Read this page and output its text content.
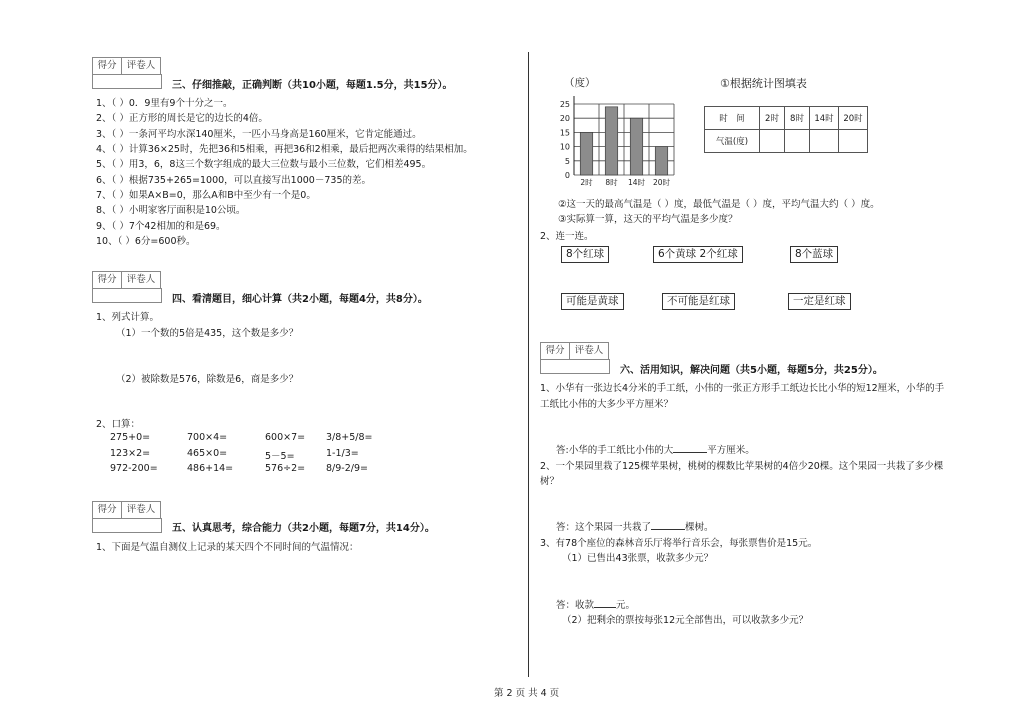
得分	评卷人
三、仔细推敲，正确判断（共10小题，每题1.5分，共15分）。
1、（ ）0．9里有9个十分之一。
2、（ ）正方形的周长是它的边长的4倍。
3、（ ）一条河平均水深140厘米，一匹小马身高是160厘米，它肯定能通过。
4、（ ）计算36×25时，先把36和5相乘，再把36和2相乘，最后把两次乘得的结果相加。
5、（ ）用3，6，8这三个数字组成的最大三位数与最小三位数，它们相差495。
6、（ ）根据735+265=1000，可以直接写出1000－735的差。
7、（ ）如果A×B=0，那么A和B中至少有一个是0。
8、（ ）小明家客厅面积是10公顷。
9、（ ）7个42相加的和是69。
10、（ ）6分=600秒。
得分	评卷人
四、看清题目，细心计算（共2小题，每题4分，共8分）。
1、列式计算。
（1）一个数的5倍是435，这个数是多少？
（2）被除数是576，除数是6，商是多少？
2、口算：
275+0=	700×4=	600×7= 3/8+5/8=
123×2=	465×0=	5－5=	1-1/3=
972-200=	486+14=	576÷2= 8/9-2/9=
得分	评卷人
五、认真思考，综合能力（共2小题，每题7分，共14分）。
1、下面是气温自测仪上记录的某天四个不同时间的气温情况：
（度）	①根据统计图填表
0
5
10
15
20
25
2时 8时 14时 20时
时　间	2时	8时	14时	20时
气温(度)				
②这一天的最高气温是（ ）度，最低气温是（ ）度，平均气温大约（ ）度。
③实际算一算，这天的平均气温是多少度？
2、连一连。
8个红球	6个黄球 2个红球	8个蓝球
可能是黄球	不可能是红球	一定是红球
得分	评卷人
六、活用知识，解决问题（共5小题，每题5分，共25分）。
1、小华有一张边长4分米的手工纸，小伟的一张正方形手工纸边长比小华的短12厘米，小华的手
工纸比小伟的大多少平方厘米？
答:小华的手工纸比小伟的大	平方厘米。
2、一个果园里栽了125棵苹果树，桃树的棵数比苹果树的4倍少20棵。这个果园一共栽了多少棵
树？
答：这个果园一共栽了	棵树。
3、有78个座位的森林音乐厅将举行音乐会，每张票售价是15元。
（1）已售出43张票，收款多少元？
答：收款 元。
（2）把剩余的票按每张12元全部售出，可以收款多少元？
第 2 页 共 4 页
